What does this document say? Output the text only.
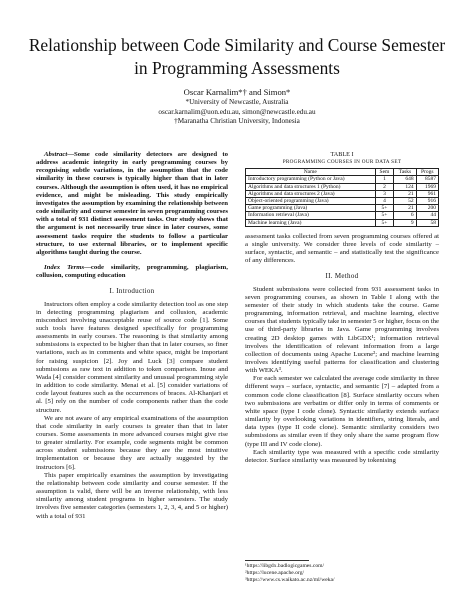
Relationship between Code Similarity and Course Semester in Programming Assessments
Oscar Karnalim*† and Simon*
*University of Newcastle, Australia
oscar.karnalim@uon.edu.au, simon@newcastle.edu.au
†Maranatha Christian University, Indonesia

Abstract—Some code similarity detectors are designed to address academic integrity in early programming courses by recognising subtle variations, in the assumption that the code similarity in these courses is typically higher than that in later courses. Although the assumption is often used, it has no empirical evidence, and might be misleading. This study empirically investigates the assumption by examining the relationship between code similarity and course semester in seven programming courses with a total of 931 distinct assessment tasks. Our study shows that the argument is not necessarily true since in later courses, some assessment tasks require the students to follow a particular structure, to use external libraries, or to implement specific algorithms taught during the course.

Index Terms—code similarity, programming, plagiarism, collusion, computing education

I. Introduction

Instructors often employ a code similarity detection tool as one step in detecting programming plagiarism and collusion, academic misconduct involving unacceptable reuse of source code [1]. Some such tools have features designed specifically for programming assessments in early courses. The reasoning is that similarity among submissions is expected to be higher than that in later courses, so finer variations, such as in comments and white space, might be important for raising suspicion [2]. Joy and Luck [3] compare student submissions as raw text in addition to token comparison. Inoue and Wada [4] consider comment similarity and unusual programming style in addition to code similarity. Menai et al. [5] consider variations of code layout features such as the occurrences of braces. Al-Khanjari et al. [5] rely on the number of code components rather than the code structure.

We are not aware of any empirical examinations of the assumption that code similarity in early courses is greater than that in later courses. Some assessments in more advanced courses might give rise to greater similarity. For example, code segments might be common across student submissions because they are the most intuitive implementation or because they are actually suggested by the instructors [6].

This paper empirically examines the assumption by investigating the relationship between code similarity and course semester. If the assumption is valid, there will be an inverse relationship, with less similarity among student programs in higher semesters. The study involves five semester categories (semesters 1, 2, 3, 4, and 5 or higher) with a total of 931

TABLE I
PROGRAMMING COURSES IN OUR DATA SET
Name	Sem	Tasks	Progs
Introductory programming (Python or Java)	1	648	8587
Algorithms and data structures 1 (Python)	2	124	1969
Algorithms and data structures 2 (Java)	3	21	961
Object-oriented programming (Java)	4	52	916
Game programming (Java)	5+	21	200
Information retrieval (Java)	5+	6	44
Machine learning (Java)	5+	9	58

assessment tasks collected from seven programming courses offered at a single university. We consider three levels of code similarity – surface, syntactic, and semantic – and statistically test the significance of any differences.

II. Method

Student submissions were collected from 931 assessment tasks in seven programming courses, as shown in Table I along with the semester of their study in which students take the course. Game programming, information retrieval, and machine learning, elective courses that students typically take in semester 5 or higher, focus on the use of third-party libraries in Java. Game programming involves creating 2D desktop games with LibGDX¹; information retrieval involves the identification of relevant information from a large collection of documents using Apache Lucene²; and machine learning involves identifying useful patterns for classification and clustering with WEKA³.

For each semester we calculated the average code similarity in three different ways – surface, syntactic, and semantic [7] – adapted from a common code clone classification [8]. Surface similarity occurs when two submissions are verbatim or differ only in terms of comments or white space (type I code clone). Syntactic similarity extends surface similarity by overlooking variations in identifiers, string literals, and data types (type II code clone). Semantic similarity considers two submissions as similar even if they only share the same program flow (type III and IV code clone).

Each similarity type was measured with a specific code similarity detector. Surface similarity was measured by tokenising

¹https://libgdx.badlogicgames.com/
²https://lucene.apache.org/
³https://www.cs.waikato.ac.nz/ml/weka/
